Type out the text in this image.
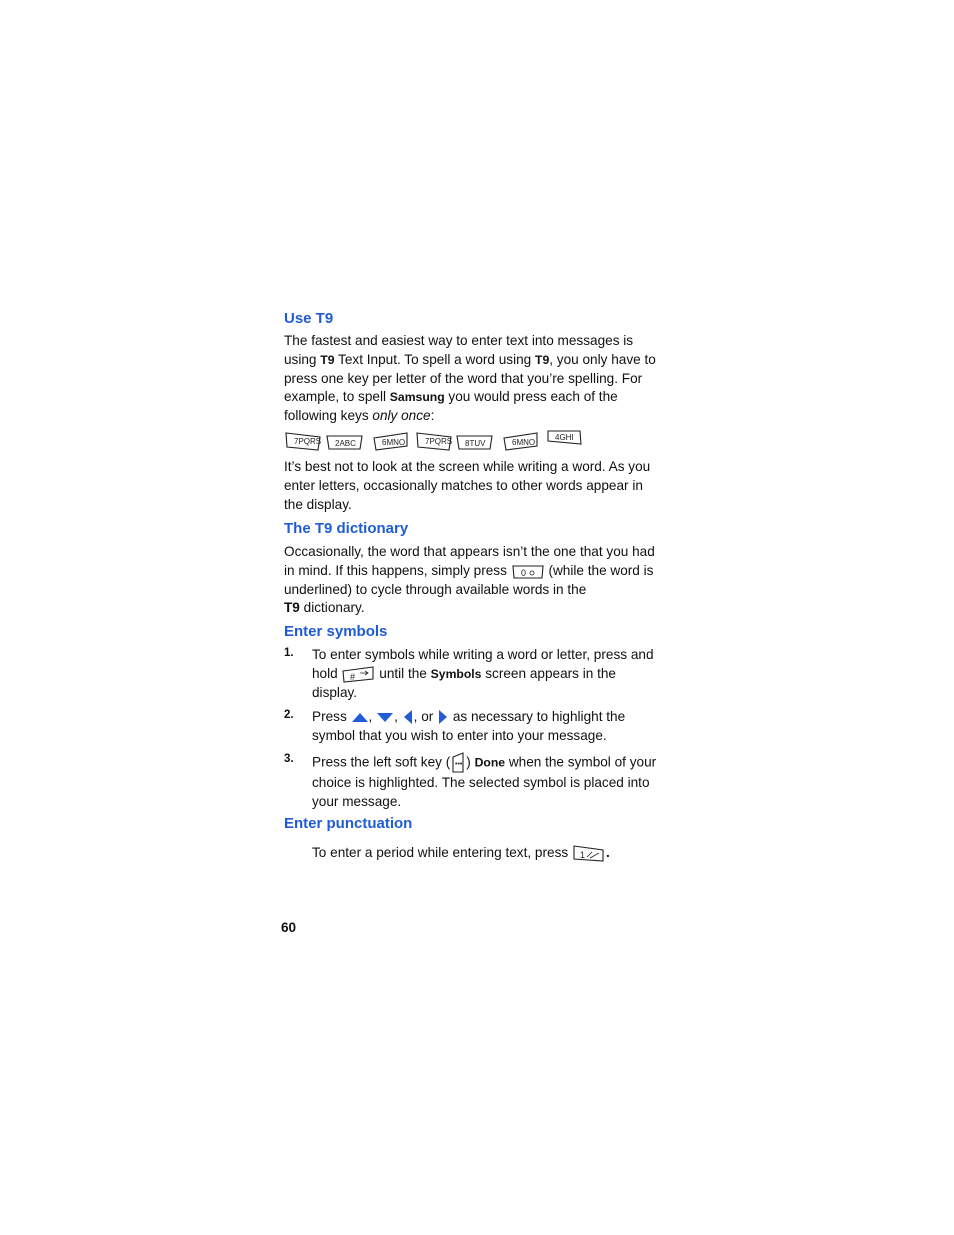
Use T9

The fastest and easiest way to enter text into messages is using T9 Text Input. To spell a word using T9, you only have to press one key per letter of the word that you’re spelling. For example, to spell Samsung you would press each of the following keys only once:

7PQRS 2ABC	6MNO 7PQRS 8TUV	6MNO
4GHI

It’s best not to look at the screen while writing a word. As you enter letters, occasionally matches to other words appear in the display.

The T9 dictionary

Occasionally, the word that appears isn’t the one that you had in mind. If this happens, simply press 0 (while the word is underlined) to cycle through available words in the
T9 dictionary.

Enter symbols
1. To enter symbols while writing a word or letter, press and hold # until the Symbols screen appears in the display.
2. Press , , , or  as necessary to highlight the symbol that you wish to enter into your message.
3. Press the left soft key ( ••• ) Done when the symbol of your choice is highlighted. The selected symbol is placed into your message.
Enter punctuation

To enter a period while entering text, press 1 .

60
